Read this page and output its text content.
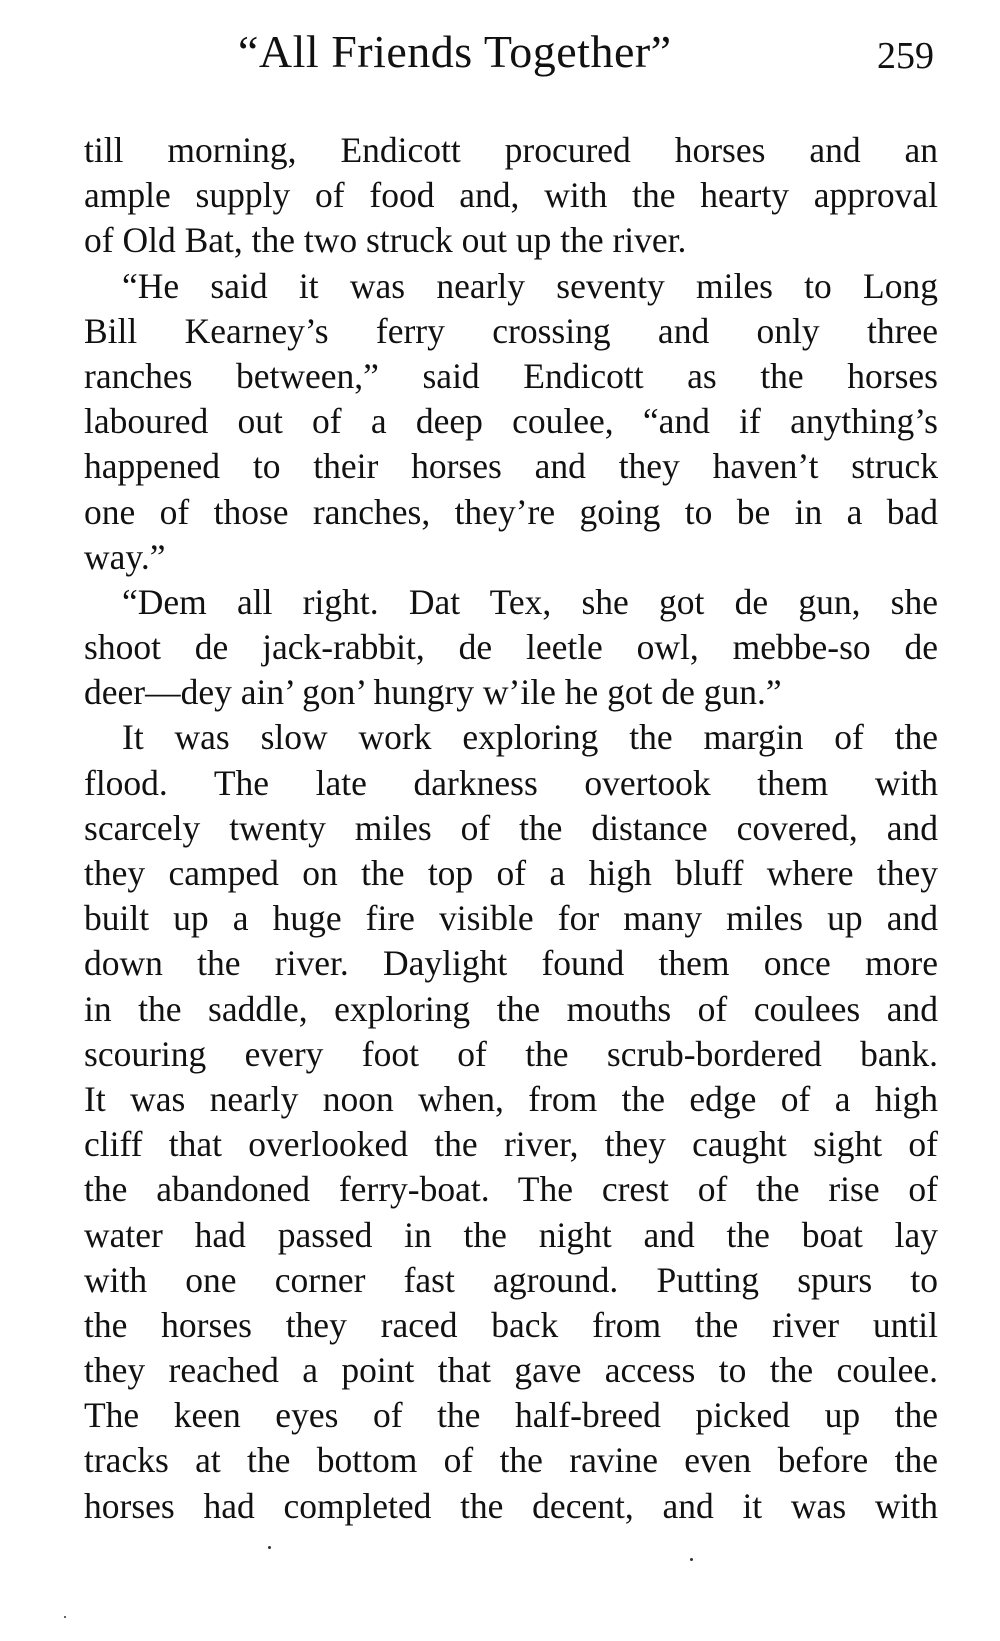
“All Friends Together”	259
till morning, Endicott procured horses and an
ample supply of food and, with the hearty approval
of Old Bat, the two struck out up the river.
“He said it was nearly seventy miles to Long
Bill Kearney’s ferry crossing and only three
ranches between,” said Endicott as the horses
laboured out of a deep coulee, “and if anything’s
happened to their horses and they haven’t struck
one of those ranches, they’re going to be in a bad
way.”
“Dem all right. Dat Tex, she got de gun, she
shoot de jack-rabbit, de leetle owl, mebbe-so de
deer—dey ain’ gon’ hungry w’ile he got de gun.”
It was slow work exploring the margin of the
flood. The late darkness overtook them with
scarcely twenty miles of the distance covered, and
they camped on the top of a high bluff where they
built up a huge fire visible for many miles up and
down the river. Daylight found them once more
in the saddle, exploring the mouths of coulees and
scouring every foot of the scrub-bordered bank.
It was nearly noon when, from the edge of a high
cliff that overlooked the river, they caught sight of
the abandoned ferry-boat. The crest of the rise of
water had passed in the night and the boat lay
with one corner fast aground. Putting spurs to
the horses they raced back from the river until
they reached a point that gave access to the coulee.
The keen eyes of the half-breed picked up the
tracks at the bottom of the ravine even before the
horses had completed the decent, and it was with
